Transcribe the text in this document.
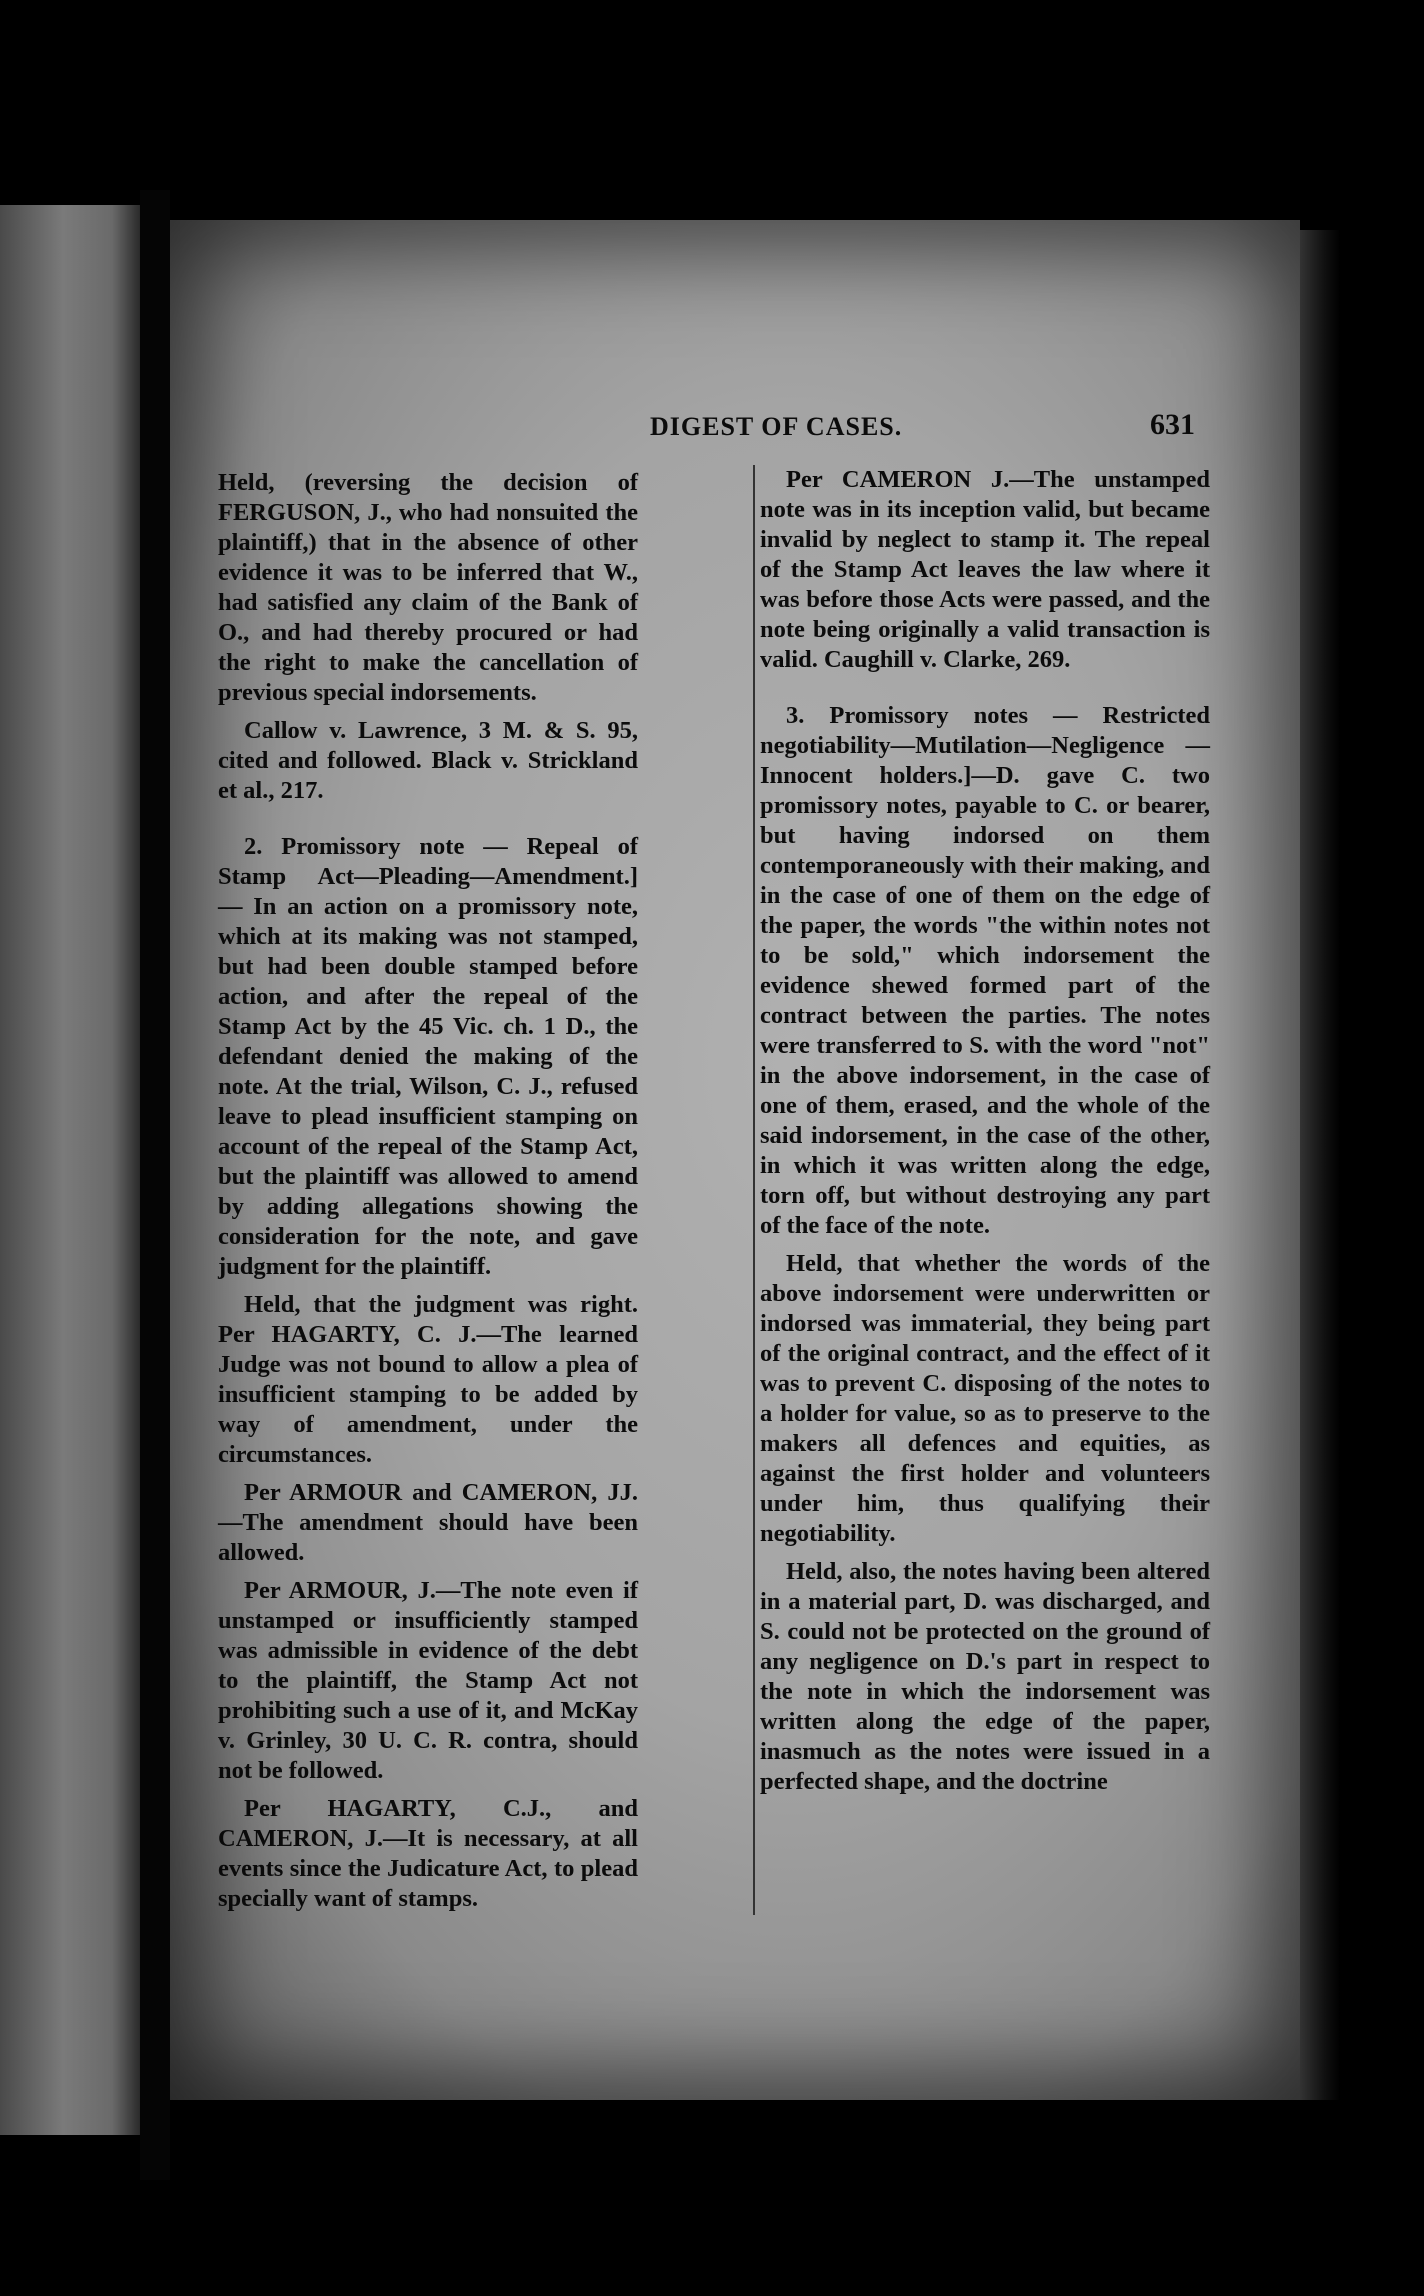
DIGEST OF CASES.	631

Held, (reversing the decision of FERGUSON, J., who had nonsuited the plaintiff,) that in the absence of other evidence it was to be inferred that W., had satisfied any claim of the Bank of O., and had thereby procured or had the right to make the cancellation of previous special indorsements.

Callow v. Lawrence, 3 M. & S. 95, cited and followed. Black v. Strickland et al., 217.

2. Promissory note — Repeal of Stamp Act—Pleading—Amendment.] — In an action on a promissory note, which at its making was not stamped, but had been double stamped before action, and after the repeal of the Stamp Act by the 45 Vic. ch. 1 D., the defendant denied the making of the note. At the trial, Wilson, C. J., refused leave to plead insufficient stamping on account of the repeal of the Stamp Act, but the plaintiff was allowed to amend by adding allegations showing the consideration for the note, and gave judgment for the plaintiff.

Held, that the judgment was right. Per HAGARTY, C. J.—The learned Judge was not bound to allow a plea of insufficient stamping to be added by way of amendment, under the circumstances.

Per ARMOUR and CAMERON, JJ. —The amendment should have been allowed.

Per ARMOUR, J.—The note even if unstamped or insufficiently stamped was admissible in evidence of the debt to the plaintiff, the Stamp Act not prohibiting such a use of it, and McKay v. Grinley, 30 U. C. R. contra, should not be followed.

Per HAGARTY, C.J., and CAMERON, J.—It is necessary, at all events since the Judicature Act, to plead specially want of stamps.

Per CAMERON J.—The unstamped note was in its inception valid, but became invalid by neglect to stamp it. The repeal of the Stamp Act leaves the law where it was before those Acts were passed, and the note being originally a valid transaction is valid. Caughill v. Clarke, 269.

3. Promissory notes — Restricted negotiability—Mutilation—Negligence — Innocent holders.]—D. gave C. two promissory notes, payable to C. or bearer, but having indorsed on them contemporaneously with their making, and in the case of one of them on the edge of the paper, the words "the within notes not to be sold," which indorsement the evidence shewed formed part of the contract between the parties. The notes were transferred to S. with the word "not" in the above indorsement, in the case of one of them, erased, and the whole of the said indorsement, in the case of the other, in which it was written along the edge, torn off, but without destroying any part of the face of the note.

Held, that whether the words of the above indorsement were underwritten or indorsed was immaterial, they being part of the original contract, and the effect of it was to prevent C. disposing of the notes to a holder for value, so as to preserve to the makers all defences and equities, as against the first holder and volunteers under him, thus qualifying their negotiability.

Held, also, the notes having been altered in a material part, D. was discharged, and S. could not be protected on the ground of any negligence on D.'s part in respect to the note in which the indorsement was written along the edge of the paper, inasmuch as the notes were issued in a perfected shape, and the doctrine
